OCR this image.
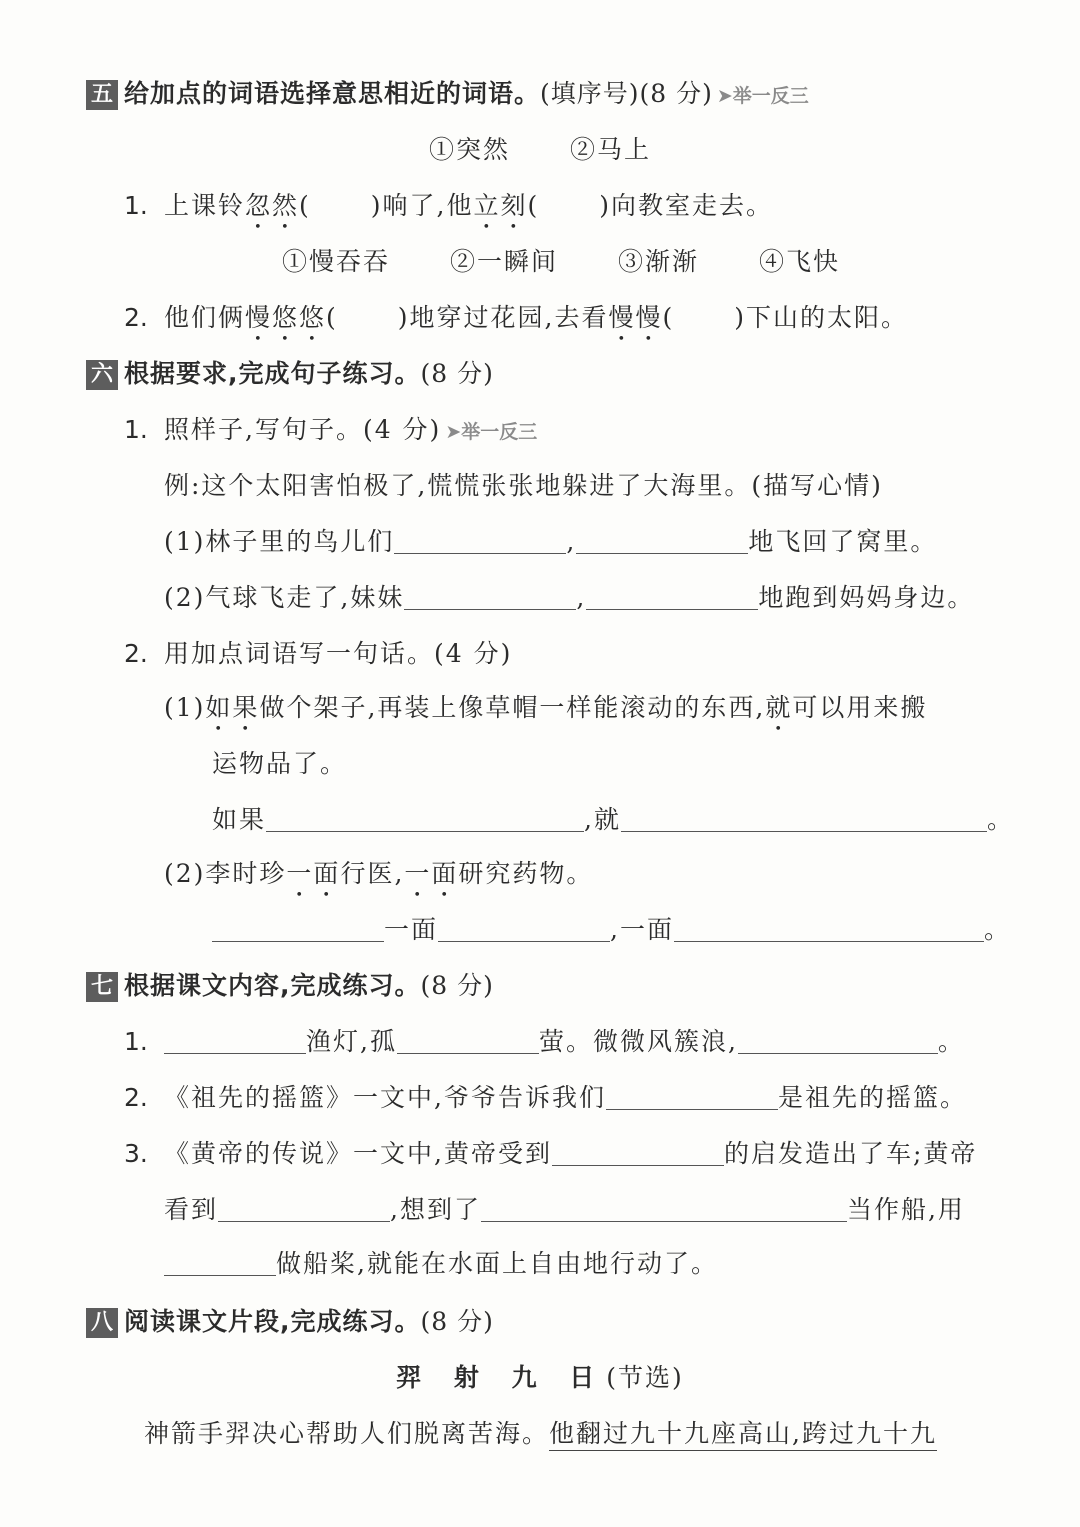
五 给加点的词语选择意思相近的词语。(填序号)(8 分) ➤举一反三
①突然 ②马上
1. 上课铃忽然( )响了,他立刻( )向教室走去。
①慢吞吞 ②一瞬间 ③渐渐 ④飞快
2. 他们俩慢悠悠( )地穿过花园,去看慢慢( )下山的太阳。
六 根据要求,完成句子练习。(8 分)
1. 照样子,写句子。(4 分) ➤举一反三
例:这个太阳害怕极了,慌慌张张地躲进了大海里。(描写心情)
(1)林子里的鸟儿们	,	地飞回了窝里。
(2)气球飞走了,妹妹	,	地跑到妈妈身边。
2. 用加点词语写一句话。(4 分)
(1)如果做个架子,再装上像草帽一样能滚动的东西,就可以用来搬
运物品了。
如果	,就	。
(2)李时珍一面行医,一面研究药物。
一面	,一面	。
七 根据课文内容,完成练习。(8 分)
1.	渔灯,孤	萤。微微风簇浪,	。
2. 《祖先的摇篮》一文中,爷爷告诉我们	是祖先的摇篮。
3. 《黄帝的传说》一文中,黄帝受到	的启发造出了车;黄帝
看到	,想到了	当作船,用
做船桨,就能在水面上自由地行动了。
八 阅读课文片段,完成练习。(8 分)
羿 射 九 日(节选)
神箭手羿决心帮助人们脱离苦海。他翻过九十九座高山,跨过九十九
